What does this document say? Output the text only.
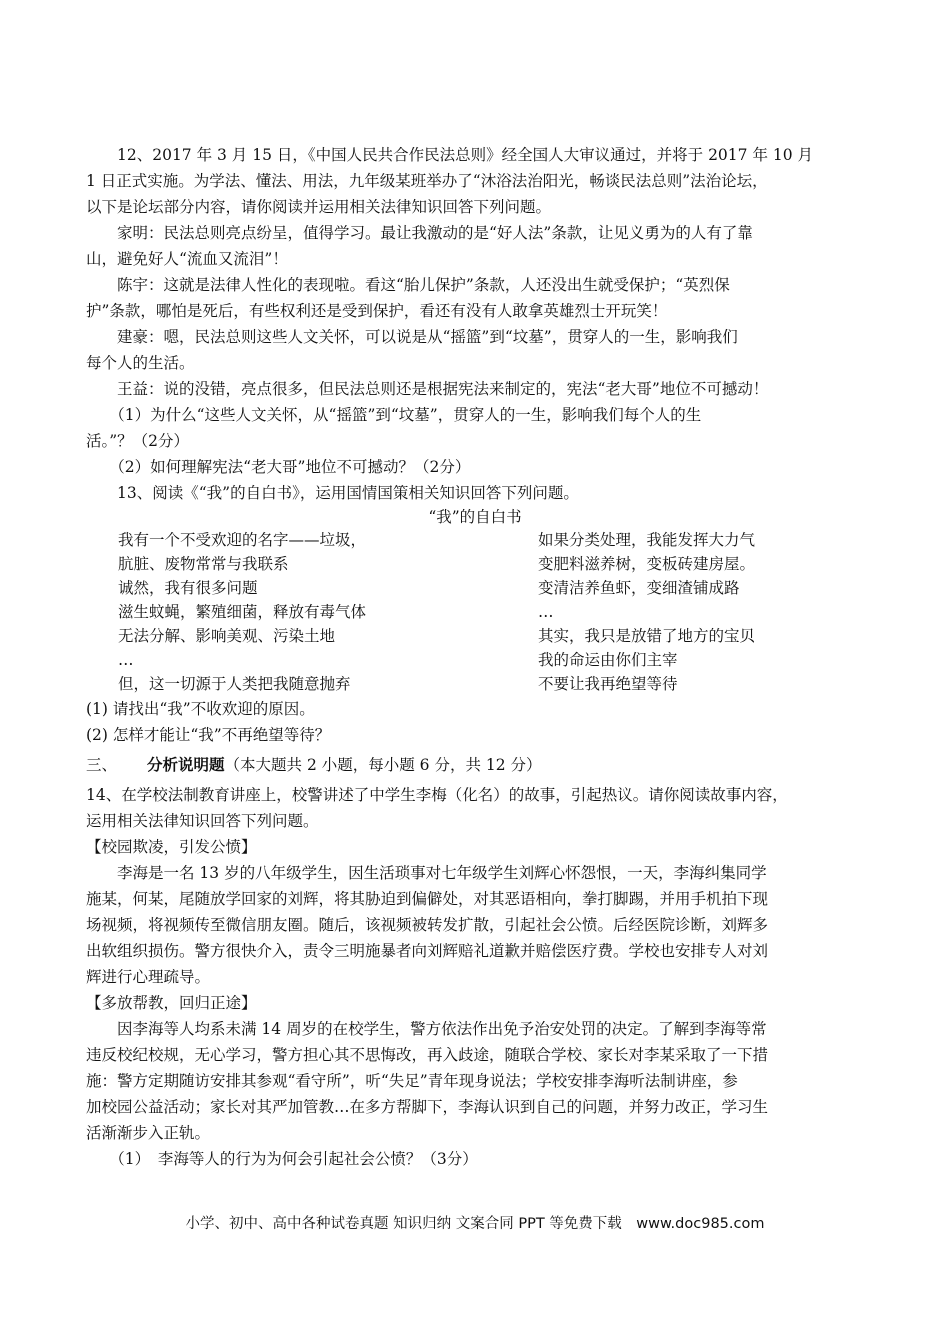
　　12、2017 年 3 月 15 日，《中国人民共合作民法总则》经全国人大审议通过，并将于 2017 年 10 月

1 日正式实施。为学法、懂法、用法，九年级某班举办了“沐浴法治阳光，畅谈民法总则”法治论坛，

以下是论坛部分内容，请你阅读并运用相关法律知识回答下列问题。

　　家明：民法总则亮点纷呈，值得学习。最让我激动的是“好人法”条款，让见义勇为的人有了靠

山，避免好人“流血又流泪”！

　　陈宇：这就是法律人性化的表现啦。看这“胎儿保护”条款，人还没出生就受保护；“英烈保

护”条款，哪怕是死后，有些权利还是受到保护，看还有没有人敢拿英雄烈士开玩笑！

　　建豪：嗯，民法总则这些人文关怀，可以说是从“摇篮”到“坟墓”，贯穿人的一生，影响我们

每个人的生活。

　　王益：说的没错，亮点很多，但民法总则还是根据宪法来制定的，宪法“老大哥”地位不可撼动！

　　（1）为什么“这些人文关怀，从“摇篮”到“坟墓”，贯穿人的一生，影响我们每个人的生

活。”？（2分）

　　（2）如何理解宪法“老大哥”地位不可撼动？（2分）

　　13、阅读《“我”的自白书》，运用国情国策相关知识回答下列问题。

“我”的自白书

我有一个不受欢迎的名字——垃圾，

肮脏、废物常常与我联系

诚然，我有很多问题

滋生蚊蝇，繁殖细菌，释放有毒气体

无法分解、影响美观、污染土地

…

但，这一切源于人类把我随意抛弃

如果分类处理，我能发挥大力气

变肥料滋养树，变板砖建房屋。

变清洁养鱼虾，变细渣铺成路

…

其实，我只是放错了地方的宝贝

我的命运由你们主宰

不要让我再绝望等待

(1) 请找出“我”不收欢迎的原因。

(2) 怎样才能让“我”不再绝望等待？

三、 分析说明题（本大题共 2 小题，每小题 6 分，共 12 分）

14、在学校法制教育讲座上，校警讲述了中学生李梅（化名）的故事，引起热议。请你阅读故事内容，

运用相关法律知识回答下列问题。

【校园欺凌，引发公愤】

　　李海是一名 13 岁的八年级学生，因生活琐事对七年级学生刘辉心怀怨恨，一天，李海纠集同学

施某，何某，尾随放学回家的刘辉，将其胁迫到偏僻处，对其恶语相向，拳打脚踢，并用手机拍下现

场视频，将视频传至微信朋友圈。随后，该视频被转发扩散，引起社会公愤。后经医院诊断，刘辉多

出软组织损伤。警方很快介入，责令三明施暴者向刘辉赔礼道歉并赔偿医疗费。学校也安排专人对刘

辉进行心理疏导。

【多放帮教，回归正途】

　　因李海等人均系未满 14 周岁的在校学生，警方依法作出免予治安处罚的决定。了解到李海等常

违反校纪校规，无心学习，警方担心其不思悔改，再入歧途，随联合学校、家长对李某采取了一下措

施：警方定期随访安排其参观“看守所”，听“失足”青年现身说法；学校安排李海听法制讲座，参

加校园公益活动；家长对其严加管教…在多方帮脚下，李海认识到自己的问题，并努力改正，学习生

活渐渐步入正轨。

　　（1）　李海等人的行为为何会引起社会公愤？（3分）

小学、初中、高中各种试卷真题 知识归纳 文案合同 PPT 等免费下载　www.doc985.com
